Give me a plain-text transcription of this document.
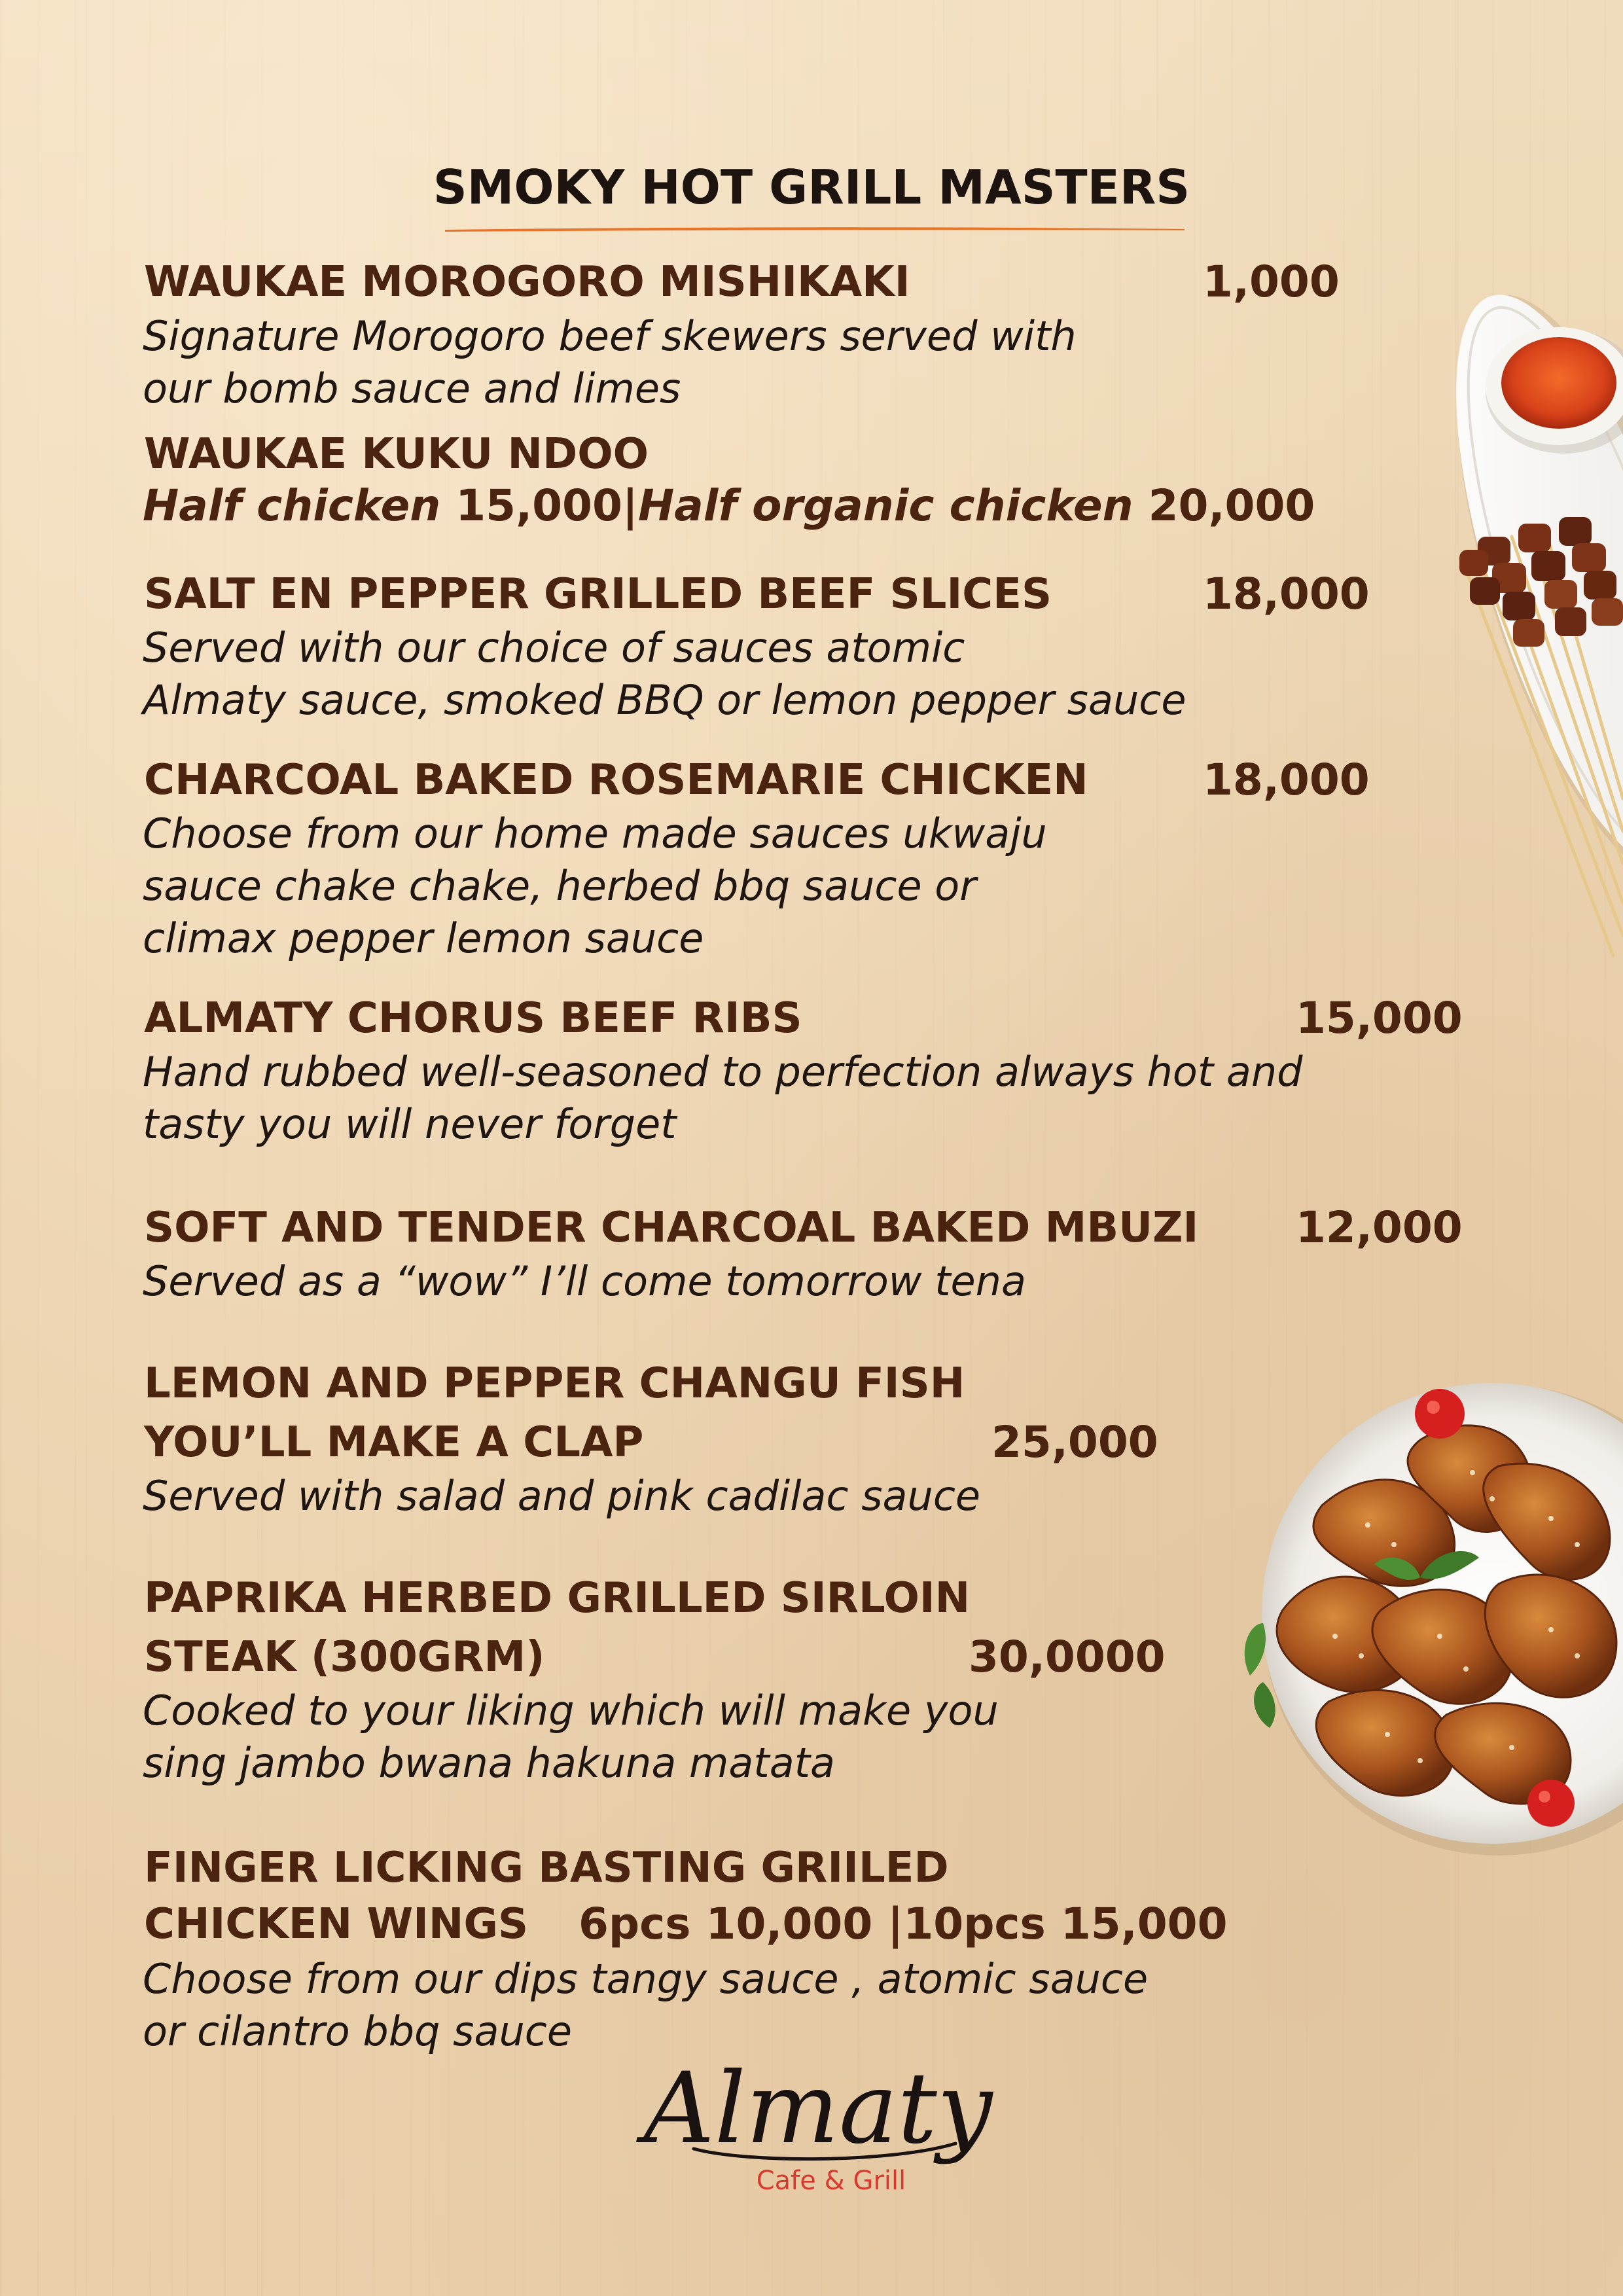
SMOKY HOT GRILL MASTERS
WAUKAE MOROGORO MISHIKAKI	1,000
Signature Morogoro beef skewers served with
our bomb sauce and limes
WAUKAE KUKU NDOO
Half chicken 15,000|Half organic chicken 20,000
SALT EN PEPPER GRILLED BEEF SLICES	18,000
Served with our choice of sauces atomic
Almaty sauce, smoked BBQ or lemon pepper sauce
CHARCOAL BAKED ROSEMARIE CHICKEN	18,000
Choose from our home made sauces ukwaju
sauce chake chake, herbed bbq sauce or
climax pepper lemon sauce
ALMATY CHORUS BEEF RIBS	15,000
Hand rubbed well-seasoned to perfection always hot and
tasty you will never forget
SOFT AND TENDER CHARCOAL BAKED MBUZI 12,000
Served as a “wow” I’ll come tomorrow tena
LEMON AND PEPPER CHANGU FISH
YOU’LL MAKE A CLAP	25,000
Served with salad and pink cadilac sauce
PAPRIKA HERBED GRILLED SIRLOIN
STEAK (300GRM)	30,0000
Cooked to your liking which will make you
sing jambo bwana hakuna matata
FINGER LICKING BASTING GRIILED
CHICKEN WINGS 6pcs 10,000 |10pcs 15,000
Choose from our dips tangy sauce , atomic sauce
or cilantro bbq sauce
Almaty
Cafe & Grill
